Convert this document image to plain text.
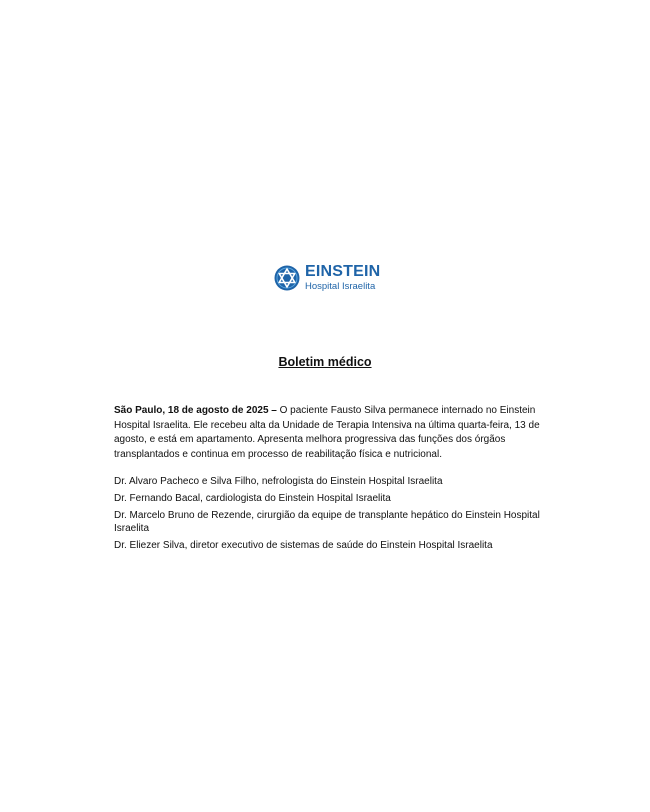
EINSTEIN
Hospital Israelita
Boletim médico

São Paulo, 18 de agosto de 2025 – O paciente Fausto Silva permanece internado no Einstein Hospital Israelita. Ele recebeu alta da Unidade de Terapia Intensiva na última quarta-feira, 13 de agosto, e está em apartamento. Apresenta melhora progressiva das funções dos órgãos transplantados e continua em processo de reabilitação física e nutricional.

Dr. Alvaro Pacheco e Silva Filho, nefrologista do Einstein Hospital Israelita
Dr. Fernando Bacal, cardiologista do Einstein Hospital Israelita
Dr. Marcelo Bruno de Rezende, cirurgião da equipe de transplante hepático do Einstein Hospital Israelita
Dr. Eliezer Silva, diretor executivo de sistemas de saúde do Einstein Hospital Israelita
